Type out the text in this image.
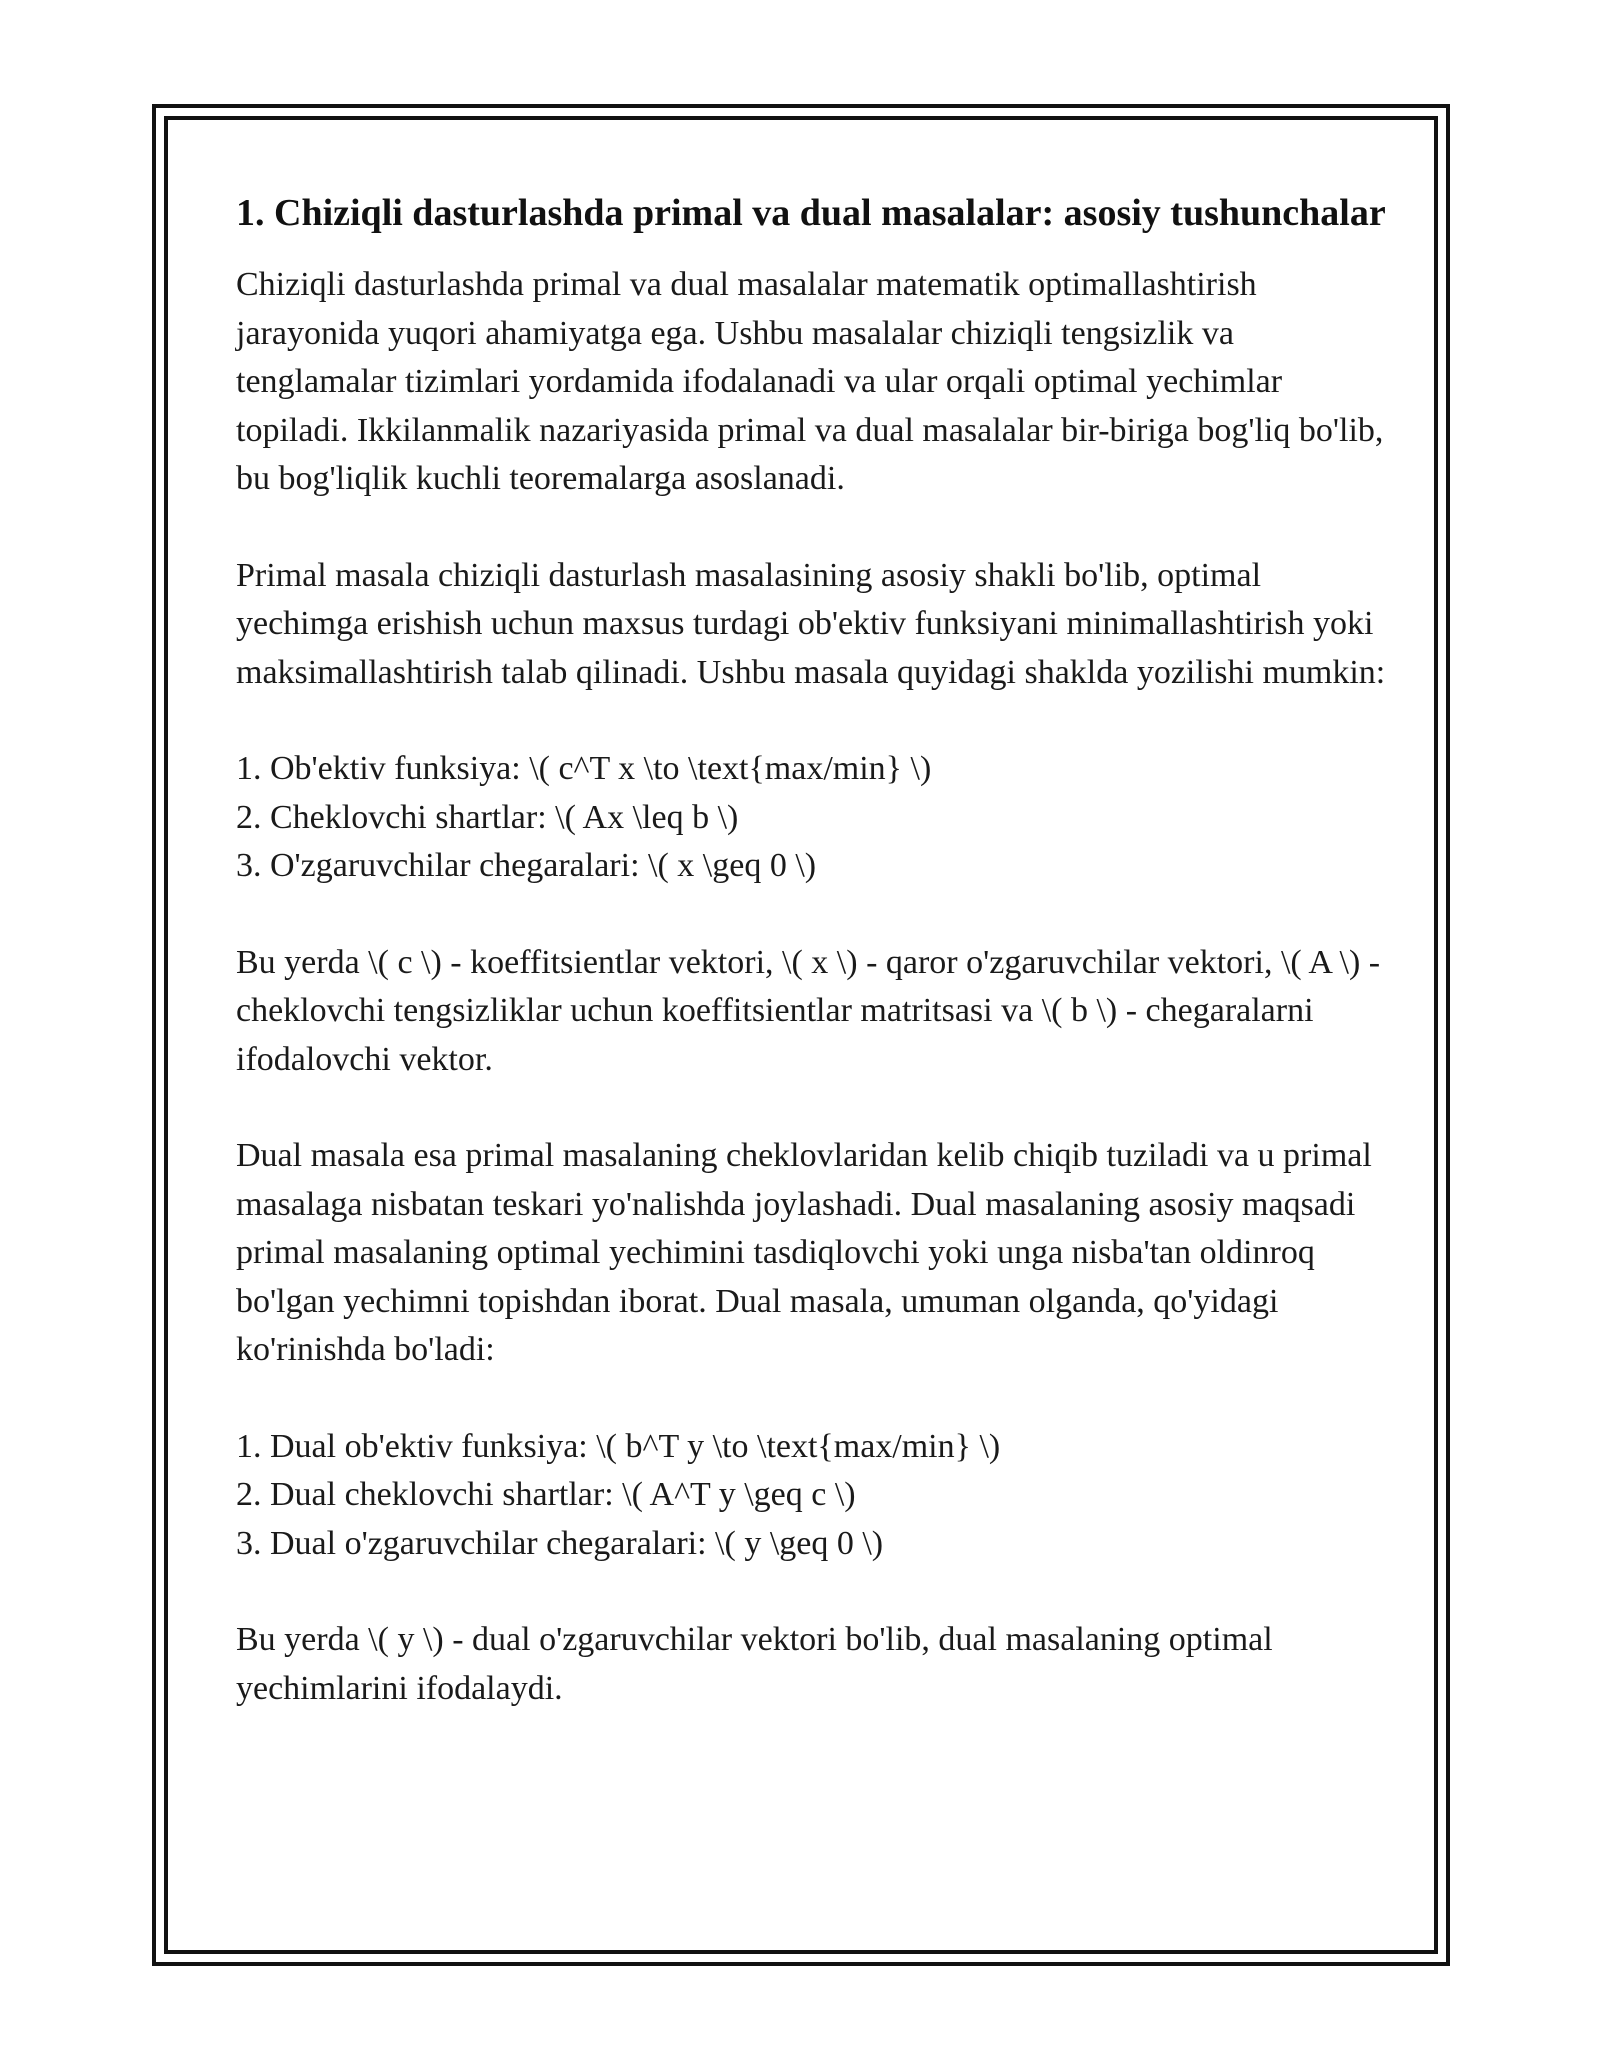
1. Chiziqli dasturlashda primal va dual masalalar: asosiy tushunchalar

Chiziqli dasturlashda primal va dual masalalar matematik optimallashtirish jarayonida yuqori ahamiyatga ega. Ushbu masalalar chiziqli tengsizlik va tenglamalar tizimlari yordamida ifodalanadi va ular orqali optimal yechimlar topiladi. Ikkilanmalik nazariyasida primal va dual masalalar bir-biriga bog'liq bo'lib, bu bog'liqlik kuchli teoremalarga asoslanadi.

Primal masala chiziqli dasturlash masalasining asosiy shakli bo'lib, optimal yechimga erishish uchun maxsus turdagi ob'ektiv funksiyani minimallashtirish yoki maksimallashtirish talab qilinadi. Ushbu masala quyidagi shaklda yozilishi mumkin:

1. Ob'ektiv funksiya: \( c^T x \to \text{max/min} \)
2. Cheklovchi shartlar: \( Ax \leq b \)
3. O'zgaruvchilar chegaralari: \( x \geq 0 \)

Bu yerda \( c \) - koeffitsientlar vektori, \( x \) - qaror o'zgaruvchilar vektori, \( A \) - cheklovchi tengsizliklar uchun koeffitsientlar matritsasi va \( b \) - chegaralarni ifodalovchi vektor.

Dual masala esa primal masalaning cheklovlaridan kelib chiqib tuziladi va u primal masalaga nisbatan teskari yo'nalishda joylashadi. Dual masalaning asosiy maqsadi primal masalaning optimal yechimini tasdiqlovchi yoki unga nisba'tan oldinroq bo'lgan yechimni topishdan iborat. Dual masala, umuman olganda, qo'yidagi ko'rinishda bo'ladi:

1. Dual ob'ektiv funksiya: \( b^T y \to \text{max/min} \)
2. Dual cheklovchi shartlar: \( A^T y \geq c \)
3. Dual o'zgaruvchilar chegaralari: \( y \geq 0 \)

Bu yerda \( y \) - dual o'zgaruvchilar vektori bo'lib, dual masalaning optimal yechimlarini ifodalaydi.
